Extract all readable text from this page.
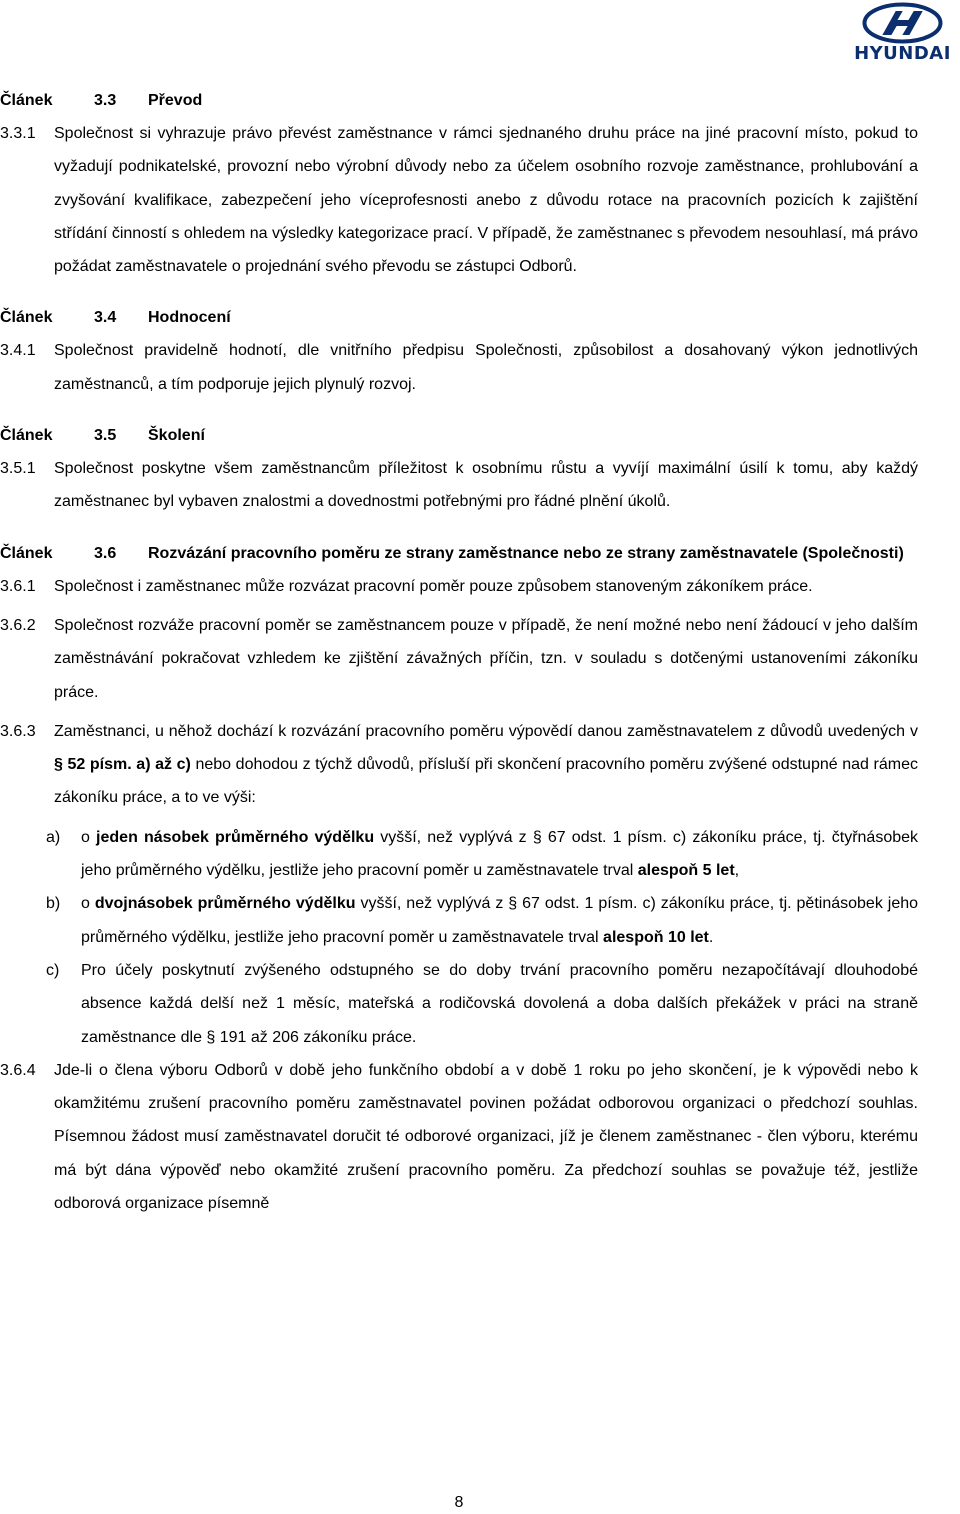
HYUNDAI
Článek	3.3	Převod
3.3.1	Společnost si vyhrazuje právo převést zaměstnance v rámci sjednaného druhu práce na jiné pracovní místo, pokud to vyžadují podnikatelské, provozní nebo výrobní důvody nebo za účelem osobního rozvoje zaměstnance, prohlubování a zvyšování kvalifikace, zabezpečení jeho víceprofesnosti anebo z důvodu rotace na pracovních pozicích k zajištění střídání činností s ohledem na výsledky kategorizace prací. V případě, že zaměstnanec s převodem nesouhlasí, má právo požádat zaměstnavatele o projednání svého převodu se zástupci Odborů.
Článek	3.4	Hodnocení
3.4.1	Společnost pravidelně hodnotí, dle vnitřního předpisu Společnosti, způsobilost a dosahovaný výkon jednotlivých zaměstnanců, a tím podporuje jejich plynulý rozvoj.
Článek	3.5	Školení
3.5.1	Společnost poskytne všem zaměstnancům příležitost k osobnímu růstu a vyvíjí maximální úsilí k tomu, aby každý zaměstnanec byl vybaven znalostmi a dovednostmi potřebnými pro řádné plnění úkolů.
Článek	3.6	Rozvázání pracovního poměru ze strany zaměstnance nebo ze strany zaměstnavatele (Společnosti)
3.6.1	Společnost i zaměstnanec může rozvázat pracovní poměr pouze způsobem stanoveným zákoníkem práce.
3.6.2	Společnost rozváže pracovní poměr se zaměstnancem pouze v případě, že není možné nebo není žádoucí v jeho dalším zaměstnávání pokračovat vzhledem ke zjištění závažných příčin, tzn. v souladu s dotčenými ustanoveními zákoníku práce.
3.6.3	Zaměstnanci, u něhož dochází k rozvázání pracovního poměru výpovědí danou zaměstnavatelem z důvodů uvedených v § 52 písm. a) až c) nebo dohodou z týchž důvodů, přísluší při skončení pracovního poměru zvýšené odstupné nad rámec zákoníku práce, a to ve výši:
a)	o jeden násobek průměrného výdělku vyšší, než vyplývá z § 67 odst. 1 písm. c) zákoníku práce, tj. čtyřnásobek jeho průměrného výdělku, jestliže jeho pracovní poměr u zaměstnavatele trval alespoň 5 let,
b)	o dvojnásobek průměrného výdělku vyšší, než vyplývá z § 67 odst. 1 písm. c) zákoníku práce, tj. pětinásobek jeho průměrného výdělku, jestliže jeho pracovní poměr u zaměstnavatele trval alespoň 10 let.
c)	Pro účely poskytnutí zvýšeného odstupného se do doby trvání pracovního poměru nezapočítávají dlouhodobé absence každá delší než 1 měsíc, mateřská a rodičovská dovolená a doba dalších překážek v práci na straně zaměstnance dle § 191 až 206 zákoníku práce.
3.6.4	Jde-li o člena výboru Odborů v době jeho funkčního období a v době 1 roku po jeho skončení, je k výpovědi nebo k okamžitému zrušení pracovního poměru zaměstnavatel povinen požádat odborovou organizaci o předchozí souhlas. Písemnou žádost musí zaměstnavatel doručit té odborové organizaci, jíž je členem zaměstnanec - člen výboru, kterému má být dána výpověď nebo okamžité zrušení pracovního poměru. Za předchozí souhlas se považuje též, jestliže odborová organizace písemně
8
